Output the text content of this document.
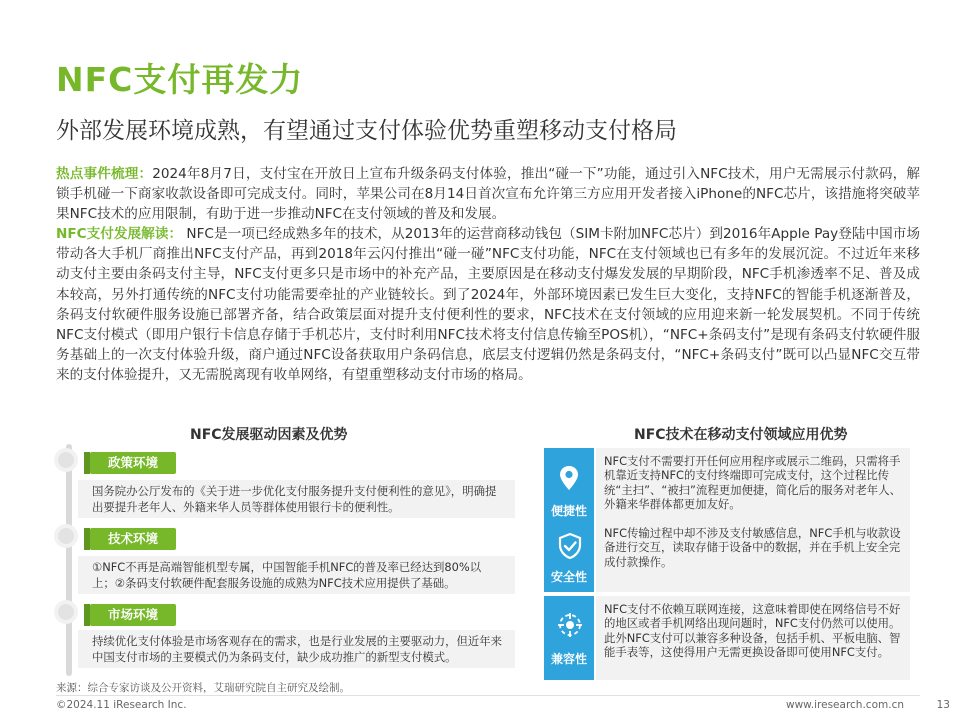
NFC支付再发力
外部发展环境成熟，有望通过支付体验优势重塑移动支付格局

热点事件梳理：2024年8月7日，支付宝在开放日上宣布升级条码支付体验，推出“碰一下”功能，通过引入NFC技术，用户无需展示付款码，解锁手机碰一下商家收款设备即可完成支付。同时，苹果公司在8月14日首次宣布允许第三方应用开发者接入iPhone的NFC芯片，该措施将突破苹果NFC技术的应用限制，有助于进一步推动NFC在支付领域的普及和发展。

NFC支付发展解读： NFC是一项已经成熟多年的技术，从2013年的运营商移动钱包（SIM卡附加NFC芯片）到2016年Apple Pay登陆中国市场带动各大手机厂商推出NFC支付产品，再到2018年云闪付推出“碰一碰”NFC支付功能，NFC在支付领域也已有多年的发展沉淀。不过近年来移动支付主要由条码支付主导，NFC支付更多只是市场中的补充产品，主要原因是在移动支付爆发发展的早期阶段，NFC手机渗透率不足、普及成本较高，另外打通传统的NFC支付功能需要牵扯的产业链较长。到了2024年，外部环境因素已发生巨大变化，支持NFC的智能手机逐渐普及，条码支付软硬件服务设施已部署齐备，结合政策层面对提升支付便利性的要求，NFC技术在支付领域的应用迎来新一轮发展契机。不同于传统NFC支付模式（即用户银行卡信息存储于手机芯片，支付时利用NFC技术将支付信息传输至POS机），“NFC+条码支付”是现有条码支付软硬件服务基础上的一次支付体验升级，商户通过NFC设备获取用户条码信息，底层支付逻辑仍然是条码支付，“NFC+条码支付”既可以凸显NFC交互带来的支付体验提升，又无需脱离现有收单网络，有望重塑移动支付市场的格局。

NFC发展驱动因素及优势
政策环境
国务院办公厅发布的《关于进一步优化支付服务提升支付便利性的意见》，明确提出要提升老年人、外籍来华人员等群体使用银行卡的便利性。
技术环境
①NFC不再是高端智能机型专属，中国智能手机NFC的普及率已经达到80%以上；②条码支付软硬件配套服务设施的成熟为NFC技术应用提供了基础。
市场环境
持续优化支付体验是市场客观存在的需求，也是行业发展的主要驱动力，但近年来中国支付市场的主要模式仍为条码支付，缺少成功推广的新型支付模式。
NFC技术在移动支付领域应用优势
便捷性
NFC支付不需要打开任何应用程序或展示二维码，只需将手机靠近支持NFC的支付终端即可完成支付，这个过程比传统“主扫”、“被扫”流程更加便捷，简化后的服务对老年人、外籍来华群体都更加友好。
安全性
NFC传输过程中却不涉及支付敏感信息，NFC手机与收款设备进行交互，读取存储于设备中的数据，并在手机上安全完成付款操作。
兼容性
NFC支付不依赖互联网连接，这意味着即使在网络信号不好的地区或者手机网络出现问题时，NFC支付仍然可以使用。此外NFC支付可以兼容多种设备，包括手机、平板电脑、智能手表等，这使得用户无需更换设备即可使用NFC支付。
来源：综合专家访谈及公开资料，艾瑞研究院自主研究及绘制。
©2024.11 iResearch Inc.	www.iresearch.com.cn	13
